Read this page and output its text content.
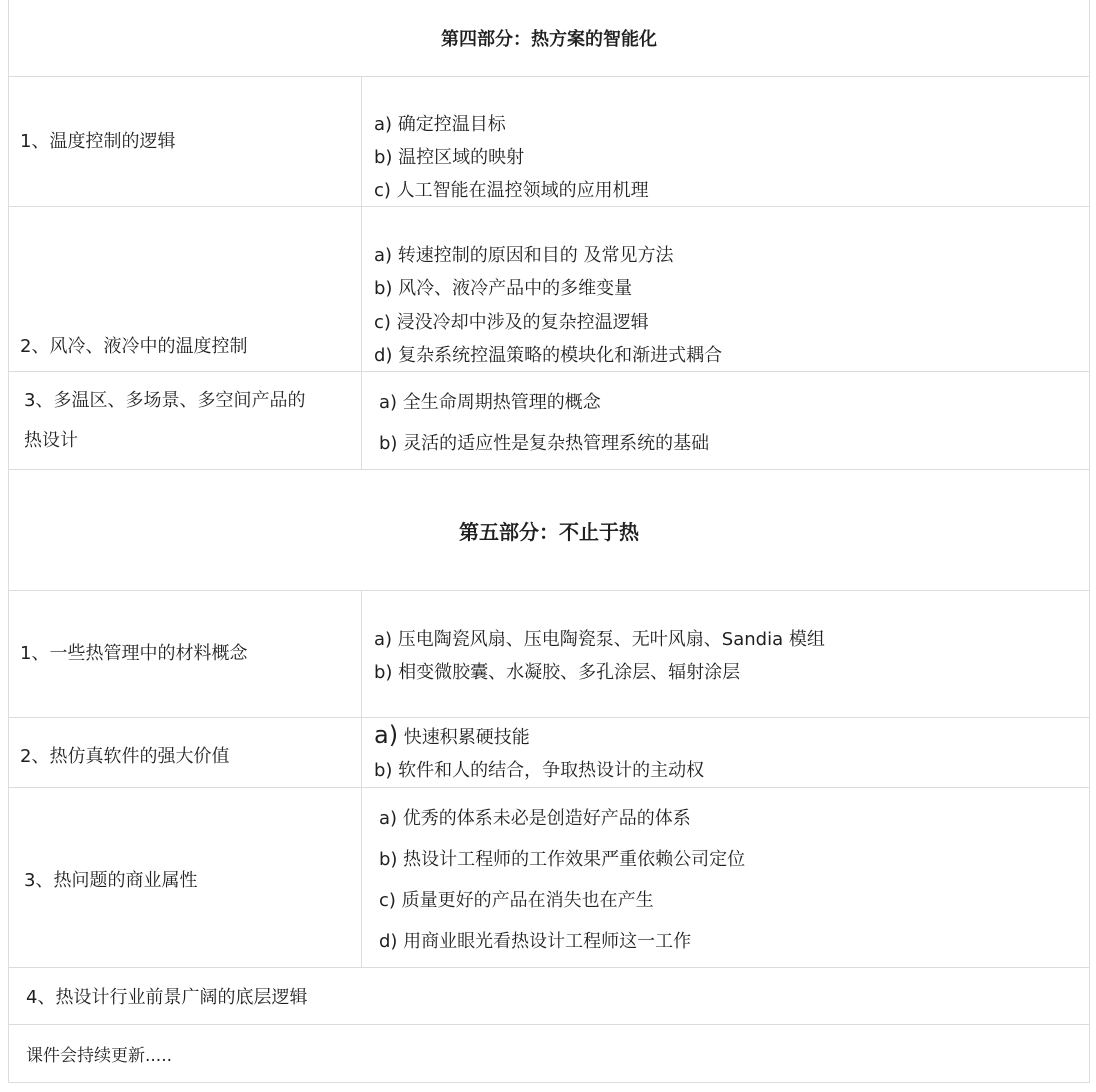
第四部分：热方案的智能化
1、温度控制的逻辑
a) 确定控温目标
b) 温控区域的映射
c) 人工智能在温控领域的应用机理
2、风冷、液冷中的温度控制
a) 转速控制的原因和目的 及常见方法
b) 风冷、液冷产品中的多维变量
c) 浸没冷却中涉及的复杂控温逻辑
d) 复杂系统控温策略的模块化和渐进式耦合
3、多温区、多场景、多空间产品的
热设计
a) 全生命周期热管理的概念
b) 灵活的适应性是复杂热管理系统的基础
第五部分：不止于热
1、一些热管理中的材料概念
a) 压电陶瓷风扇、压电陶瓷泵、无叶风扇、Sandia 模组
b) 相变微胶囊、水凝胶、多孔涂层、辐射涂层
2、热仿真软件的强大价值
a) 快速积累硬技能
b) 软件和人的结合，争取热设计的主动权
3、热问题的商业属性
a) 优秀的体系未必是创造好产品的体系
b) 热设计工程师的工作效果严重依赖公司定位
c) 质量更好的产品在消失也在产生
d) 用商业眼光看热设计工程师这一工作
4、热设计行业前景广阔的底层逻辑
课件会持续更新.....
